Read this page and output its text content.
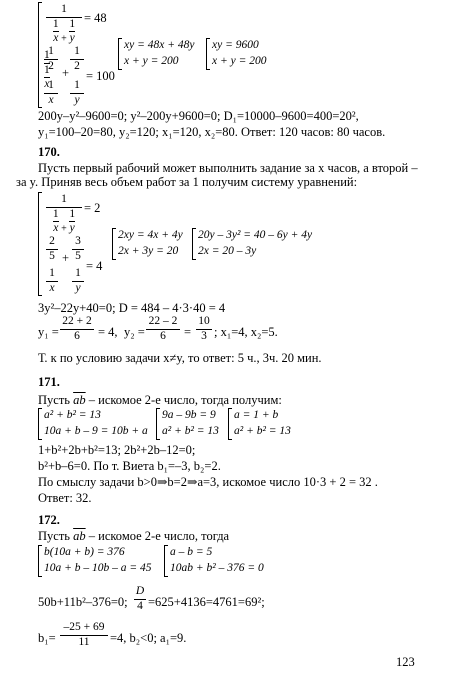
1
$\frac{1}{x} + \frac{1}{y}$
= 48
$\frac{1}{\frac{1}{x}}$
1
2
+
1
2
1
x
1
y
= 100
xy = 48x + 48y
x + y = 200
xy = 9600
x + y = 200
200y–y²–9600=0; y²–200y+9600=0; D₁=10000–9600=400=20²,
y₁=100–20=80, y₂=120; x₁=120, x₂=80. Ответ: 120 часов: 80 часов.
170.
Пусть первый рабочий может выполнить задание за x часов, а второй –
за y. Приняв весь объем работ за 1 получим систему уравнений:
1
$\frac{1}{x} + \frac{1}{y}$
= 2
2
5 +
3
5
1
x
1
y
= 4
2xy = 4x + 4y
2x + 3y = 20
20y – 3y² = 40 – 6y + 4y
2x = 20 – 3y
3y²–22y+40=0; D = 484 – 4·3·40 = 4
y₁ =
22 + 2
6	= 4, y₂ =
22 – 2
6	=
10
3 ; x₁=4, x₂=5.
Т. к по условию задачи x≠y, то ответ: 5 ч., 3ч. 20 мин.
171.
Пусть $\overline{ab}$ – искомое 2-е число, тогда получим:
a² + b² = 13
10a + b – 9 = 10b + a
9a – 9b = 9
a² + b² = 13
a = 1 + b
a² + b² = 13
1+b²+2b+b²=13; 2b²+2b–12=0;
b²+b–6=0. По т. Виета b₁=–3, b₂=2.
По смыслу задачи b>0⇒b=2⇒a=3, искомое число 10·3 + 2 = 32 .
Ответ: 32.
172.
Пусть $\overline{ab}$ – искомое 2-е число, тогда
b(10a + b) = 376
10a + b – 10b – a = 45
a – b = 5
10ab + b² – 376 = 0
50b+11b²–376=0;
D
4 =625+4136=4761=69²;
b₁=
–25 + 69
11	=4, b₂<0; a₁=9.
123
